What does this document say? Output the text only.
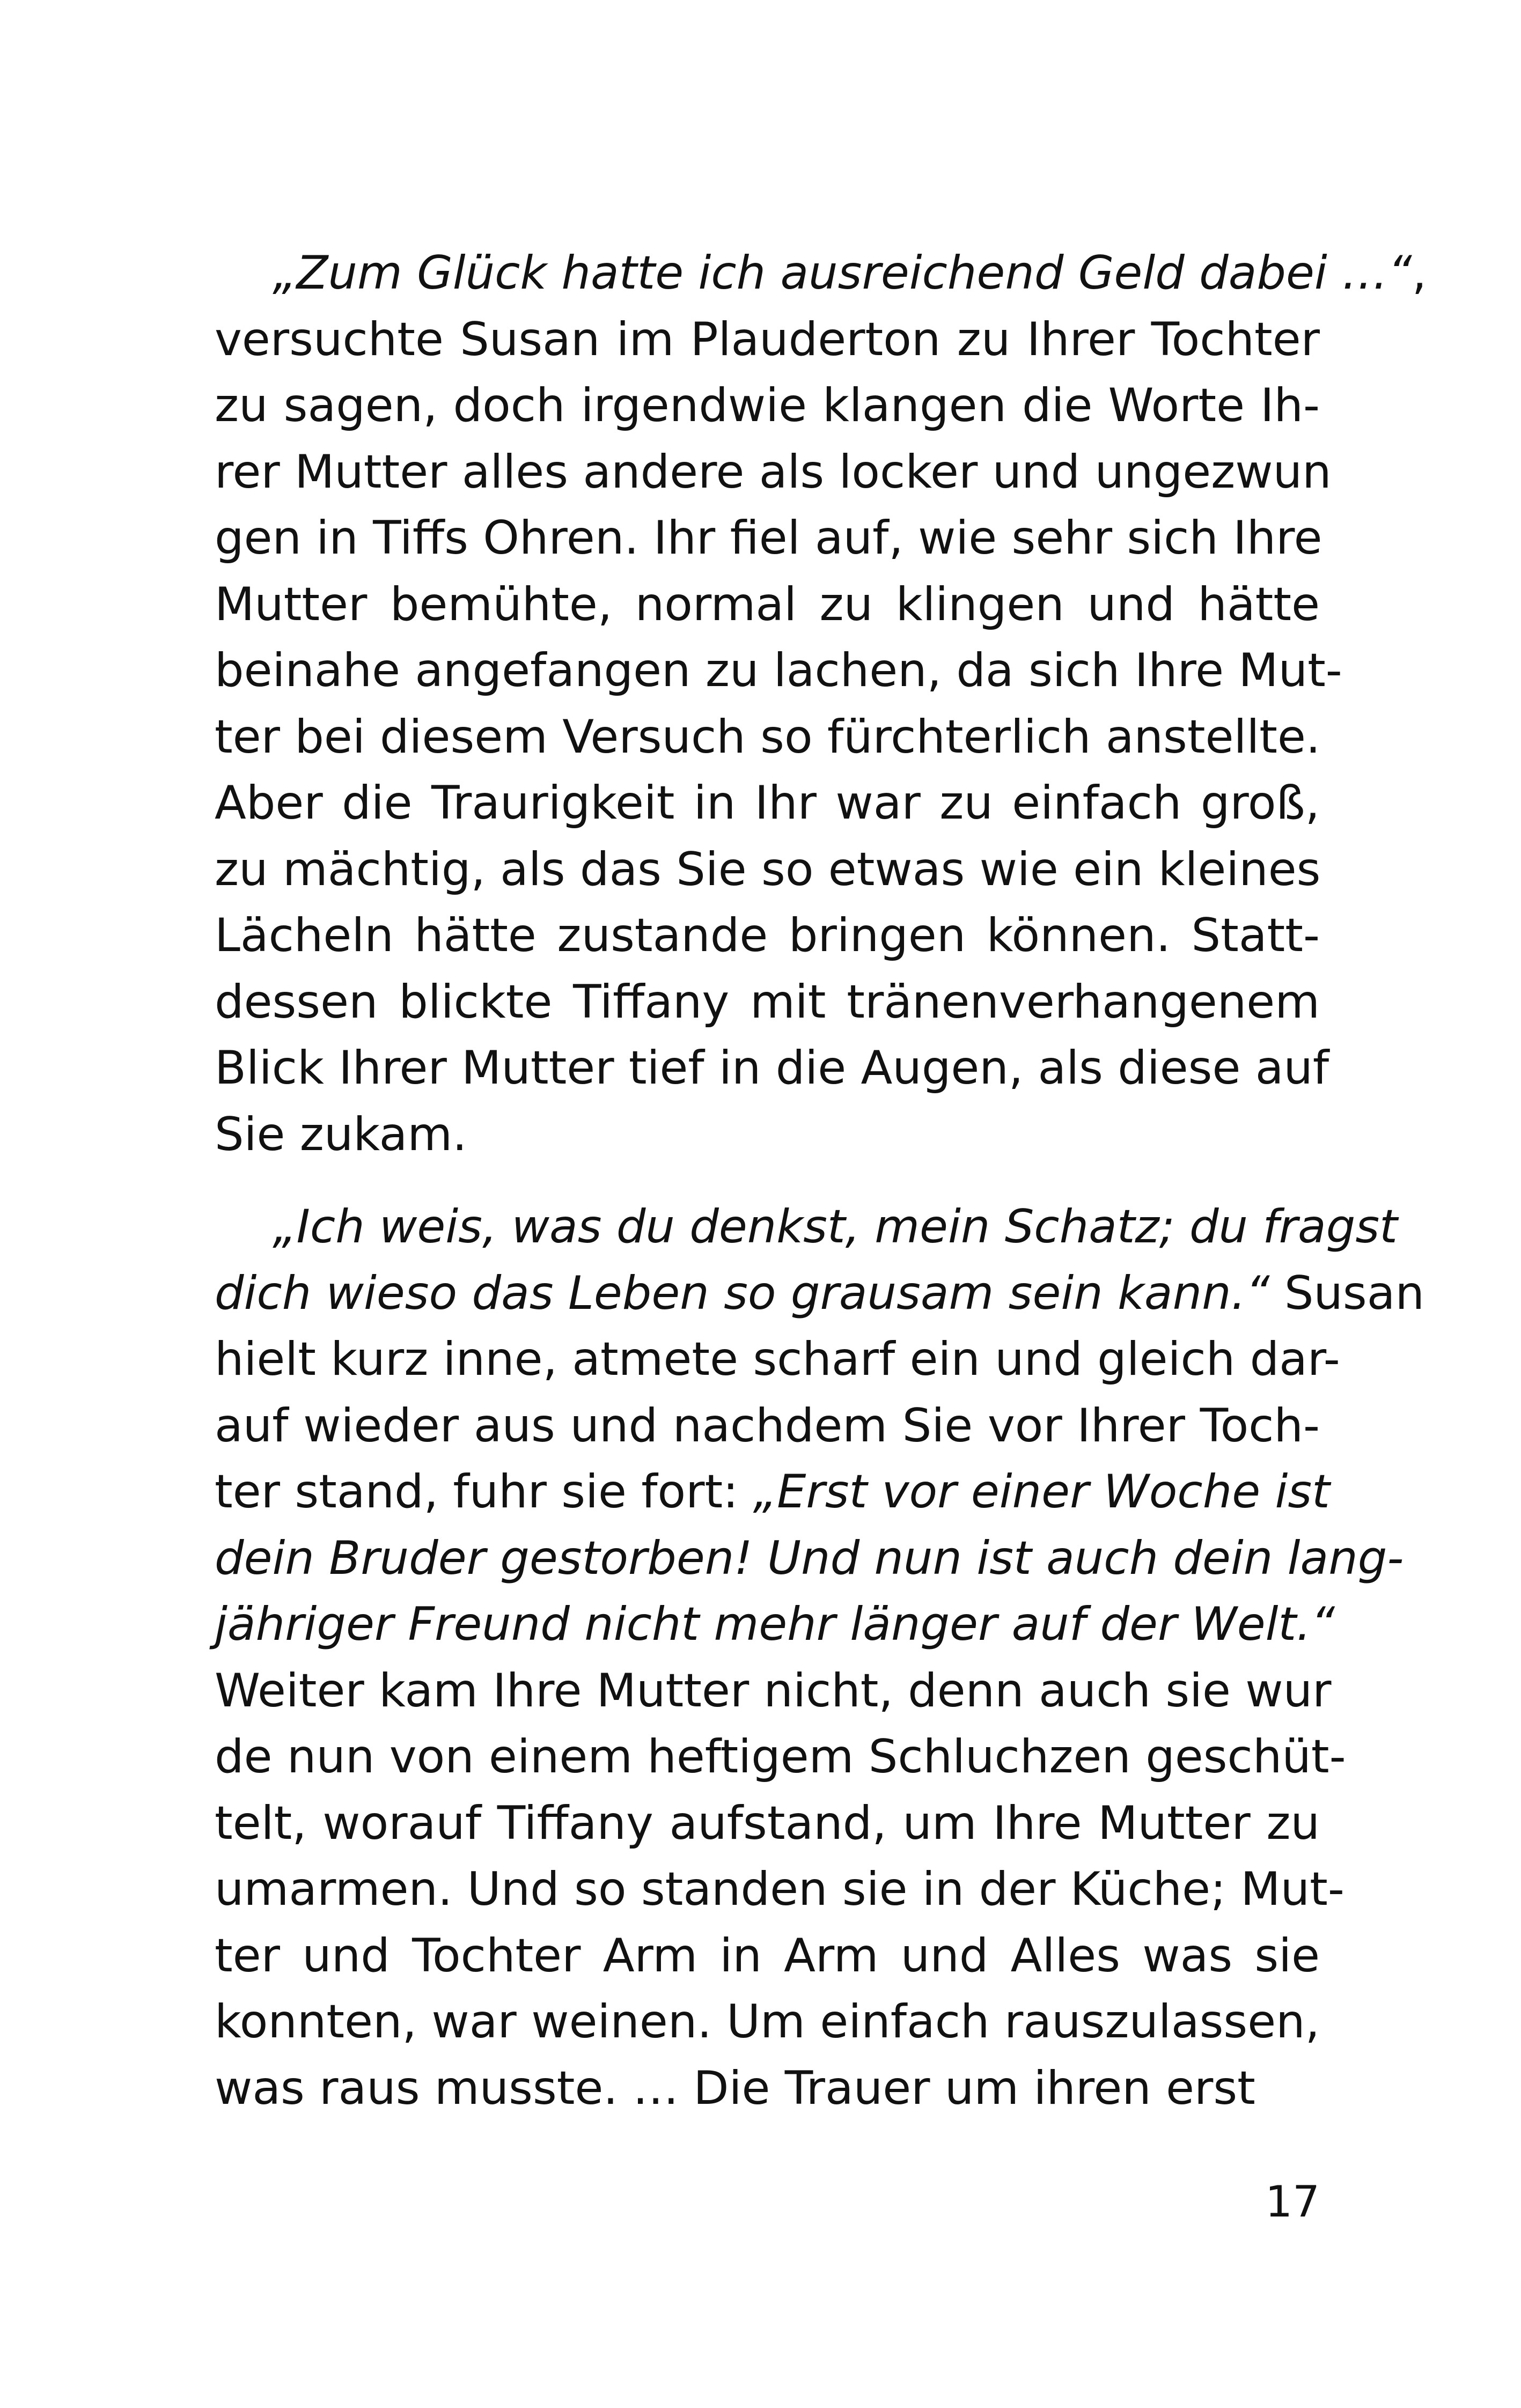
„Zum Glück hatte ich ausreichend Geld dabei …“,
versuchte Susan im Plauderton zu Ihrer Tochter
zu sagen, doch irgendwie klangen die Worte Ih-
rer Mutter alles andere als locker und ungezwun
gen in Tiffs Ohren. Ihr fiel auf, wie sehr sich Ihre
Mutter bemühte, normal zu klingen und hätte
beinahe angefangen zu lachen, da sich Ihre Mut-
ter bei diesem Versuch so fürchterlich anstellte.
Aber die Traurigkeit in Ihr war zu einfach groß,
zu mächtig, als das Sie so etwas wie ein kleines
Lächeln hätte zustande bringen können. Statt-
dessen blickte Tiffany mit tränenverhangenem
Blick Ihrer Mutter tief in die Augen, als diese auf
Sie zukam.
„Ich weis, was du denkst, mein Schatz; du fragst
dich wieso das Leben so grausam sein kann.“ Susan
hielt kurz inne, atmete scharf ein und gleich dar-
auf wieder aus und nachdem Sie vor Ihrer Toch-
ter stand, fuhr sie fort: „Erst vor einer Woche ist
dein Bruder gestorben! Und nun ist auch dein lang-
jähriger Freund nicht mehr länger auf der Welt.“
Weiter kam Ihre Mutter nicht, denn auch sie wur
de nun von einem heftigem Schluchzen geschüt-
telt, worauf Tiffany aufstand, um Ihre Mutter zu
umarmen. Und so standen sie in der Küche; Mut-
ter und Tochter Arm in Arm und Alles was sie
konnten, war weinen. Um einfach rauszulassen,
was raus musste. … Die Trauer um ihren erst
17
